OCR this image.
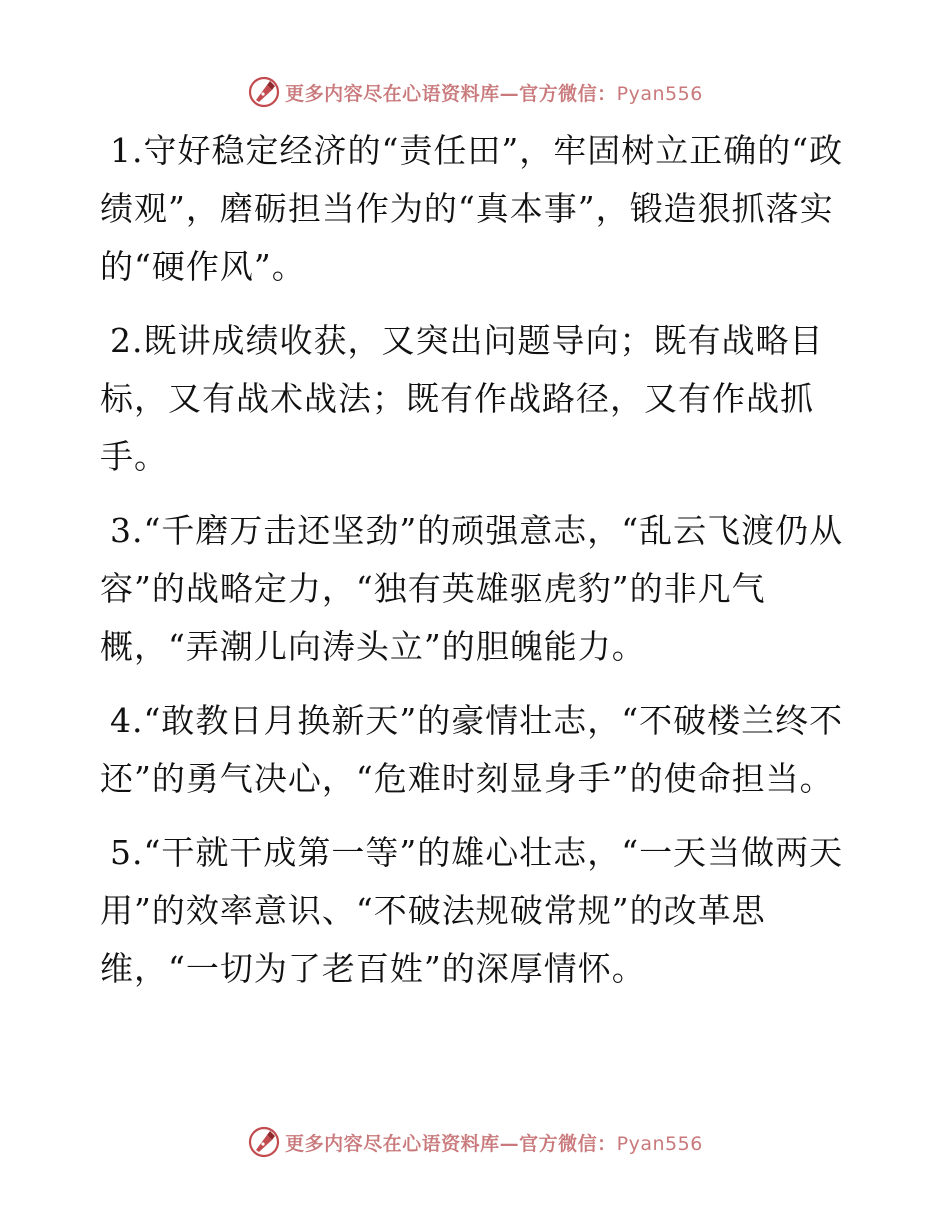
更多内容尽在心语资料库—官方微信：Pyan556

1.守好稳定经济的“责任田”，牢固树立正确的“政绩观”，磨砺担当作为的“真本事”，锻造狠抓落实的“硬作风”。

2.既讲成绩收获，又突出问题导向；既有战略目标，又有战术战法；既有作战路径，又有作战抓手。

3.“千磨万击还坚劲”的顽强意志，“乱云飞渡仍从容”的战略定力，“独有英雄驱虎豹”的非凡气概，“弄潮儿向涛头立”的胆魄能力。

4.“敢教日月换新天”的豪情壮志，“不破楼兰终不还”的勇气决心，“危难时刻显身手”的使命担当。

5.“干就干成第一等”的雄心壮志，“一天当做两天用”的效率意识、“不破法规破常规”的改革思维，“一切为了老百姓”的深厚情怀。

更多内容尽在心语资料库—官方微信：Pyan556
